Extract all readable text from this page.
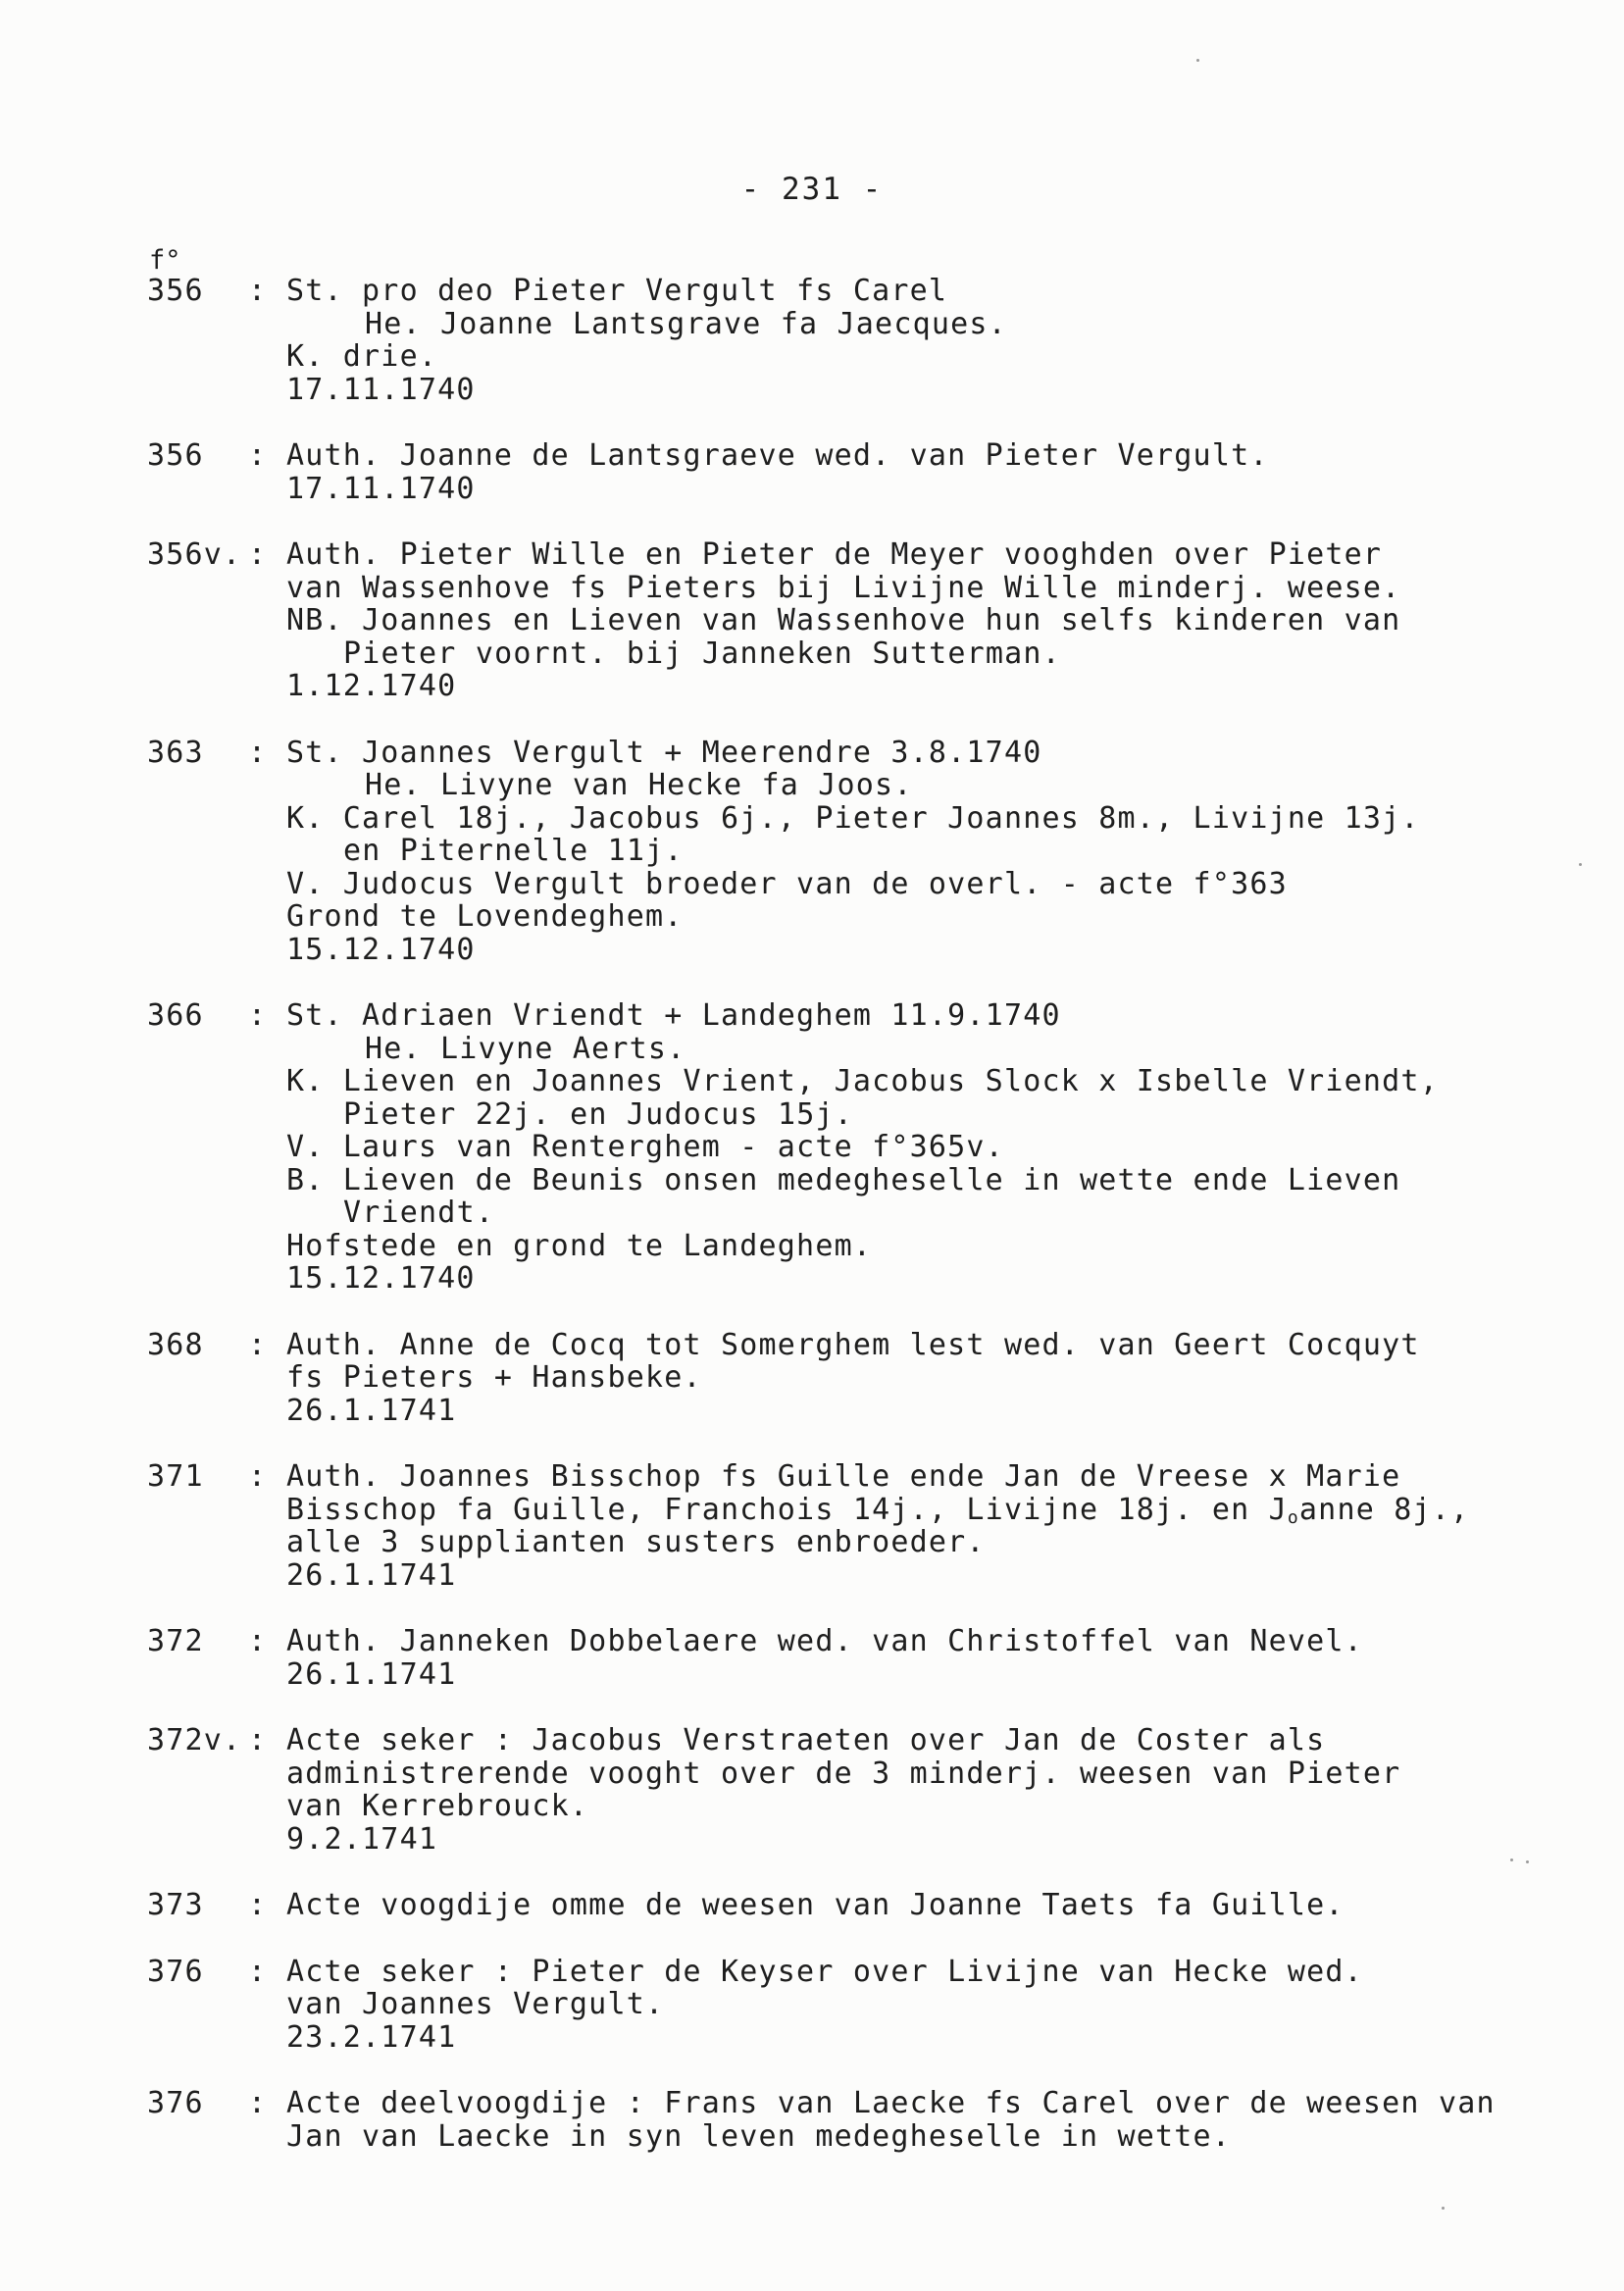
- 231 -
f°
356	: St. pro deo Pieter Vergult fs Carel
He. Joanne Lantsgrave fa Jaecques.
K. drie.
17.11.1740
356	: Auth. Joanne de Lantsgraeve wed. van Pieter Vergult.
17.11.1740
356v. : Auth. Pieter Wille en Pieter de Meyer vooghden over Pieter
van Wassenhove fs Pieters bij Livijne Wille minderj. weese.
NB. Joannes en Lieven van Wassenhove hun selfs kinderen van
Pieter voornt. bij Janneken Sutterman.
1.12.1740
363	: St. Joannes Vergult + Meerendre 3.8.1740
He. Livyne van Hecke fa Joos.
K. Carel 18j., Jacobus 6j., Pieter Joannes 8m., Livijne 13j.
en Piternelle 11j.
V. Judocus Vergult broeder van de overl. - acte f°363
Grond te Lovendeghem.
15.12.1740
366	: St. Adriaen Vriendt + Landeghem 11.9.1740
He. Livyne Aerts.
K. Lieven en Joannes Vrient, Jacobus Slock x Isbelle Vriendt,
Pieter 22j. en Judocus 15j.
V. Laurs van Renterghem - acte f°365v.
B. Lieven de Beunis onsen medegheselle in wette ende Lieven
Vriendt.
Hofstede en grond te Landeghem.
15.12.1740
368	: Auth. Anne de Cocq tot Somerghem lest wed. van Geert Cocquyt
fs Pieters + Hansbeke.
26.1.1741
371	: Auth. Joannes Bisschop fs Guille ende Jan de Vreese x Marie
Bisschop fa Guille, Franchois 14j., Livijne 18j. en $J_oanne$ 8j.,
alle 3 supplianten susters enbroeder.
26.1.1741
372	: Auth. Janneken Dobbelaere wed. van Christoffel van Nevel.
26.1.1741
372v. : Acte seker : Jacobus Verstraeten over Jan de Coster als
administrerende vooght over de 3 minderj. weesen van Pieter
van Kerrebrouck.
9.2.1741
373	: Acte voogdije omme de weesen van Joanne Taets fa Guille.
376	: Acte seker : Pieter de Keyser over Livijne van Hecke wed.
van Joannes Vergult.
23.2.1741
376	: Acte deelvoogdije : Frans van Laecke fs Carel over de weesen van
Jan van Laecke in syn leven medegheselle in wette.
